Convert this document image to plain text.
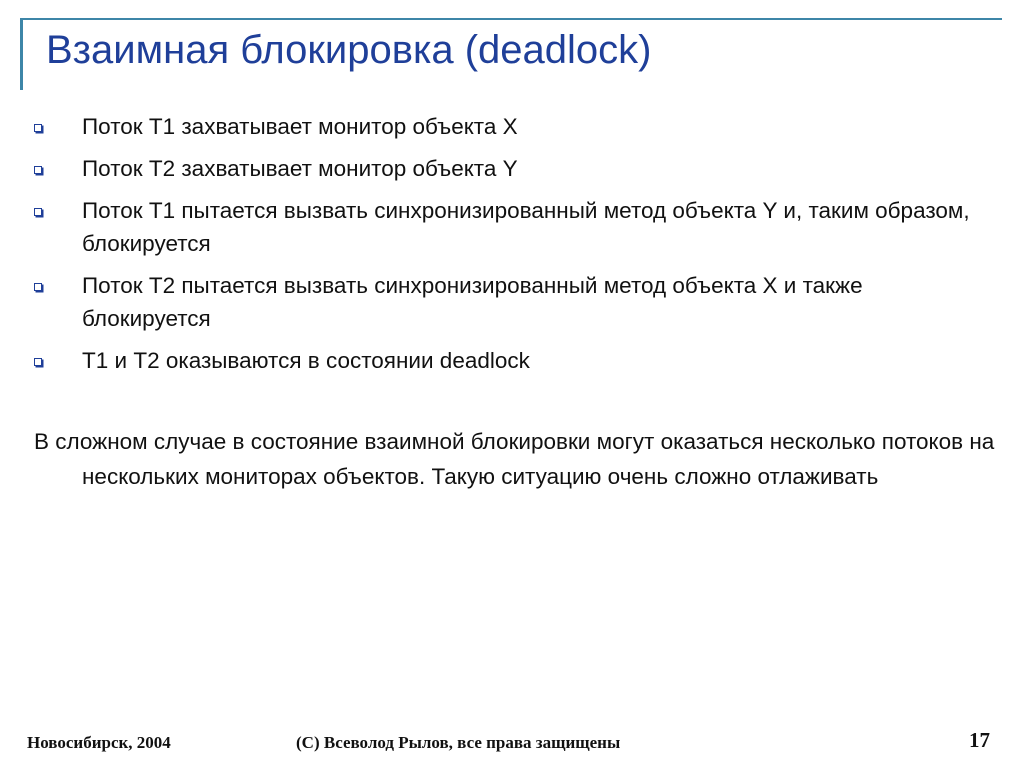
Взаимная блокировка (deadlock)
Поток T1 захватывает монитор объекта X
Поток T2 захватывает монитор объекта Y
Поток T1 пытается вызвать синхронизированный метод объекта Y и, таким образом, блокируется
Поток T2 пытается вызвать синхронизированный метод объекта X и также блокируется
T1 и T2 оказываются в состоянии deadlock

В сложном случае в состояние взаимной блокировки могут оказаться несколько потоков на нескольких мониторах объектов. Такую ситуацию очень сложно отлаживать

Новосибирск, 2004	(C) Всеволод Рылов, все права защищены	17
